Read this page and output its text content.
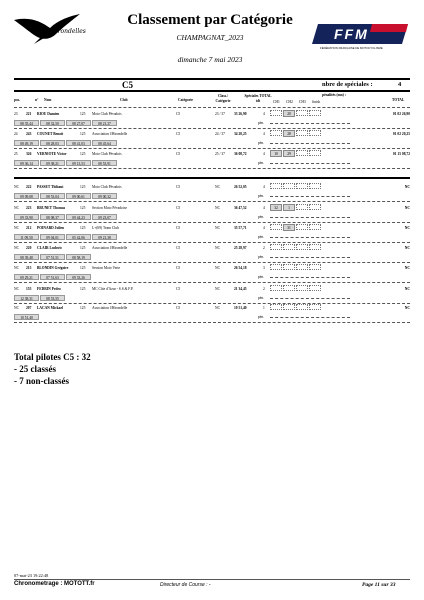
Les Hirondelles
Classement par Catégorie
CHAMPAGNAT_2023
dimanche 7 mai 2023
FFM
FÉDÉRATION FRANÇAISE DE MOTOCYCLISME
C5	nbre de spéciales :	4
pos.	n° Nom	Club	Catégorie
Class./ Catégorie
Spéciales TOTAL tdt
pénalités (mn) :
CH1 CH2 CH3 finish	TOTAL
23 221 RIOU Damien	125 Moto Club Pévadois	C5	23 / 37	33 26,90	4	20
pén.
01 02 26,90
08 35,44	08 32,50	08 27,07	08 21,37
24 243 COUNET Benoit	125 Association l/Hirondelle	C5	24 / 37	34 20,25	4	28
pén.
01 02 20,25
08 49,19	08 28,03	08 41,03	08 45,64
25 326 VERNIOTE Victor	125 Moto Club Pévadois	C5	25 / 37	36 08,72	4	10	29
pén.
01 15 08,72
09 36,14	09 38,21	09 13,53	08 53,91
NC 222 PASSET Thibaut	125 Moto Club Pévadois	C5	NC	26 52,05	4
pén.
NC
09 09,08	08 53,04	09 00,61	09 00,32
NC 223 BRUNET Thomas	125 Section Moto Pévadoise	C5	NC	36 47,52	4	32	1
pén.
NC
09 33,90	08 08,37	09 44,23	09 23,07
NC 212 POINARD Julien	125 L+(69) Team Club	C5	NC	35 57,71	4	31
pén.
NC
11 09,50	09 04,01	05 42,06	09 21,38
NC 220 CLAIR Ludovic	125 Association l/Hirondelle	C5	NC	25 28,97	2
pén.
NC
08 39,48	07 51,51	08 58,19
NC 215 BLONDIN Grégoire	125 Session Moto Verte	C5	NC	26 54,18	3
pén.
NC
09 29,21	07 51,63	09 33,26
NC 155 FEDRIN Pedro	125 MC Côte d'Azur - S.S.& F.P.	C5	NC	21 34,45	2
pén.
NC
12 38,31	08 53,55
NC 207 LACAN Mickael	125 Association l/Hirondelle	C5	NC	10 51,40	1
pén.
NC
10 51,40
Total pilotes C5 : 32
- 25 classés
- 7 non-classés
07-mai-23 19:22:48
Chronometrage : MOTOTT.fr	Directeur de Course : -	Page 11 sur 33
